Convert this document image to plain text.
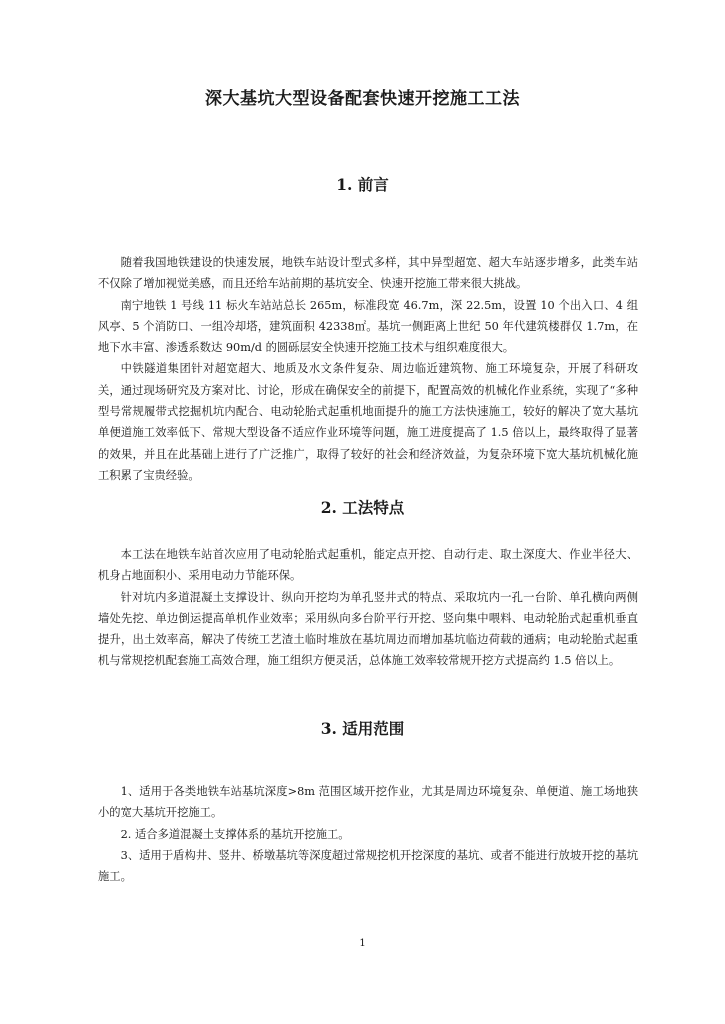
深大基坑大型设备配套快速开挖施工工法
1. 前言

随着我国地铁建设的快速发展，地铁车站设计型式多样，其中异型超宽、超大车站逐步增多，此类车站不仅除了增加视觉美感，而且还给车站前期的基坑安全、快速开挖施工带来很大挑战。

南宁地铁 1 号线 11 标火车站站总长 265m，标准段宽 46.7m，深 22.5m，设置 10 个出入口、4 组风亭、5 个消防口、一组冷却塔，建筑面积 42338㎡。基坑一侧距离上世纪 50 年代建筑楼群仅 1.7m，在地下水丰富、渗透系数达 90m/d 的圆砾层安全快速开挖施工技术与组织难度很大。

中铁隧道集团针对超宽超大、地质及水文条件复杂、周边临近建筑物、施工环境复杂，开展了科研攻关，通过现场研究及方案对比、讨论，形成在确保安全的前提下，配置高效的机械化作业系统，实现了“多种型号常规履带式挖掘机坑内配合、电动轮胎式起重机地面提升的施工方法快速施工，较好的解决了宽大基坑单便道施工效率低下、常规大型设备不适应作业环境等问题，施工进度提高了 1.5 倍以上，最终取得了显著的效果，并且在此基础上进行了广泛推广，取得了较好的社会和经济效益，为复杂环境下宽大基坑机械化施工积累了宝贵经验。

2. 工法特点

本工法在地铁车站首次应用了电动轮胎式起重机，能定点开挖、自动行走、取土深度大、作业半径大、机身占地面积小、采用电动力节能环保。

针对坑内多道混凝土支撑设计、纵向开挖均为单孔竖井式的特点、采取坑内一孔一台阶、单孔横向两侧墙处先挖、单边倒运提高单机作业效率；采用纵向多台阶平行开挖、竖向集中喂料、电动轮胎式起重机垂直提升，出土效率高，解决了传统工艺渣土临时堆放在基坑周边而增加基坑临边荷载的通病；电动轮胎式起重机与常规挖机配套施工高效合理，施工组织方便灵活，总体施工效率较常规开挖方式提高约 1.5 倍以上。

3. 适用范围

1、适用于各类地铁车站基坑深度>8m 范围区域开挖作业，尤其是周边环境复杂、单便道、施工场地狭小的宽大基坑开挖施工。

2. 适合多道混凝土支撑体系的基坑开挖施工。

3、适用于盾构井、竖井、桥墩基坑等深度超过常规挖机开挖深度的基坑、或者不能进行放坡开挖的基坑施工。

1
